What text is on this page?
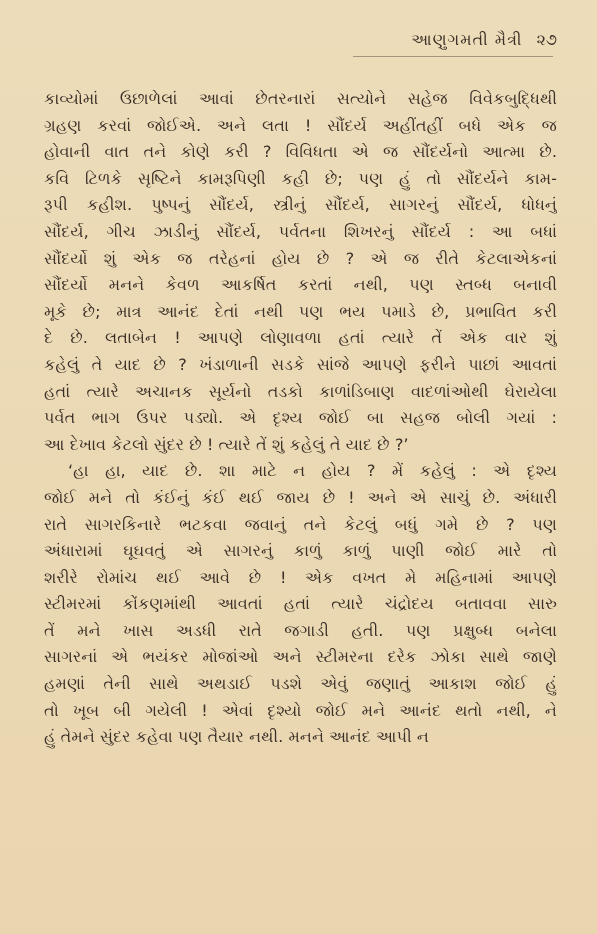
આણુગમતી મૈત્રી ૨૭
કાવ્યોમાં ઉછાળેલાં આવાં છેતરનારાં સત્યોને સહેજ વિવેકબુદ્ધિથી
ગ્રહણ કરવાં જોઈએ. અને લતા ! સૌંદર્ય અહીંતહીં બધે એક જ
હોવાની વાત તને કોણે કરી ? વિવિધતા એ જ સૌંદર્યનો આત્મા છે.
કવિ ટિળકે સૃષ્ટિને કામરૂપિણી કહી છે; પણ હું તો સૌંદર્યને કામ-
રૂપી કહીશ. પુષ્પનું સૌંદર્ય, સ્ત્રીનું સૌંદર્ય, સાગરનું સૌંદર્ય, ધોધનું
સૌંદર્ય, ગીચ ઝાડીનું સૌંદર્ય, પર્વતના શિખરનું સૌંદર્ય : આ બધાં
સૌંદર્યો શું એક જ તરેહનાં હોય છે ? એ જ રીતે કેટલાએકનાં
સૌંદર્યો મનને કેવળ આકર્ષિત કરતાં નથી, પણ સ્તબ્ધ બનાવી
મૂકે છે; માત્ર આનંદ દેતાં નથી પણ ભય પમાડે છે, પ્રભાવિત કરી
દે છે. લતાબેન ! આપણે લોણાવળા હતાં ત્યારે તેં એક વાર શું
કહેલું તે યાદ છે ? ખંડાળાની સડકે સાંજે આપણે ફરીને પાછાં આવતાં
હતાં ત્યારે અચાનક સૂર્યનો તડકો કાળાંડિબાણ વાદળાંઓથી ઘેરાયેલા
પર્વત ભાગ ઉપર પડ્યો. એ દૃશ્ય જોઈ બા સહજ બોલી ગયાં :
આ દેખાવ કેટલો સુંદર છે ! ત્યારે તેં શું કહેલું તે યાદ છે ?’
‘હા હા, યાદ છે. શા માટે ન હોય ? મેં કહેલું : એ દૃશ્ય
જોઈ મને તો કંઈનું કંઈ થઈ જાય છે ! અને એ સાચું છે. અંધારી
રાતે સાગરકિનારે ભટકવા જવાનું તને કેટલું બધું ગમે છે ? પણ
અંધારામાં ઘૂઘવતું એ સાગરનું કાળું કાળું પાણી જોઈ મારે તો
શરીરે રોમાંચ થઈ આવે છે ! એક વખત મે મહિનામાં આપણે
સ્ટીમરમાં કોંકણમાંથી આવતાં હતાં ત્યારે ચંદ્રોદય બતાવવા સારુ
તેં મને ખાસ અડધી રાતે જગાડી હતી. પણ પ્રક્ષુબ્ધ બનેલા
સાગરનાં એ ભયંકર મોજાંઓ અને સ્ટીમરના દરેક ઝોકા સાથે જાણે
હમણાં તેની સાથે અથડાઈ પડશે એવું જણાતું આકાશ જોઈ હું
તો ખૂબ બી ગયેલી ! એવાં દૃશ્યો જોઈ મને આનંદ થતો નથી, ને
હું તેમને સુંદર કહેવા પણ તૈયાર નથી. મનને આનંદ આપી ન
